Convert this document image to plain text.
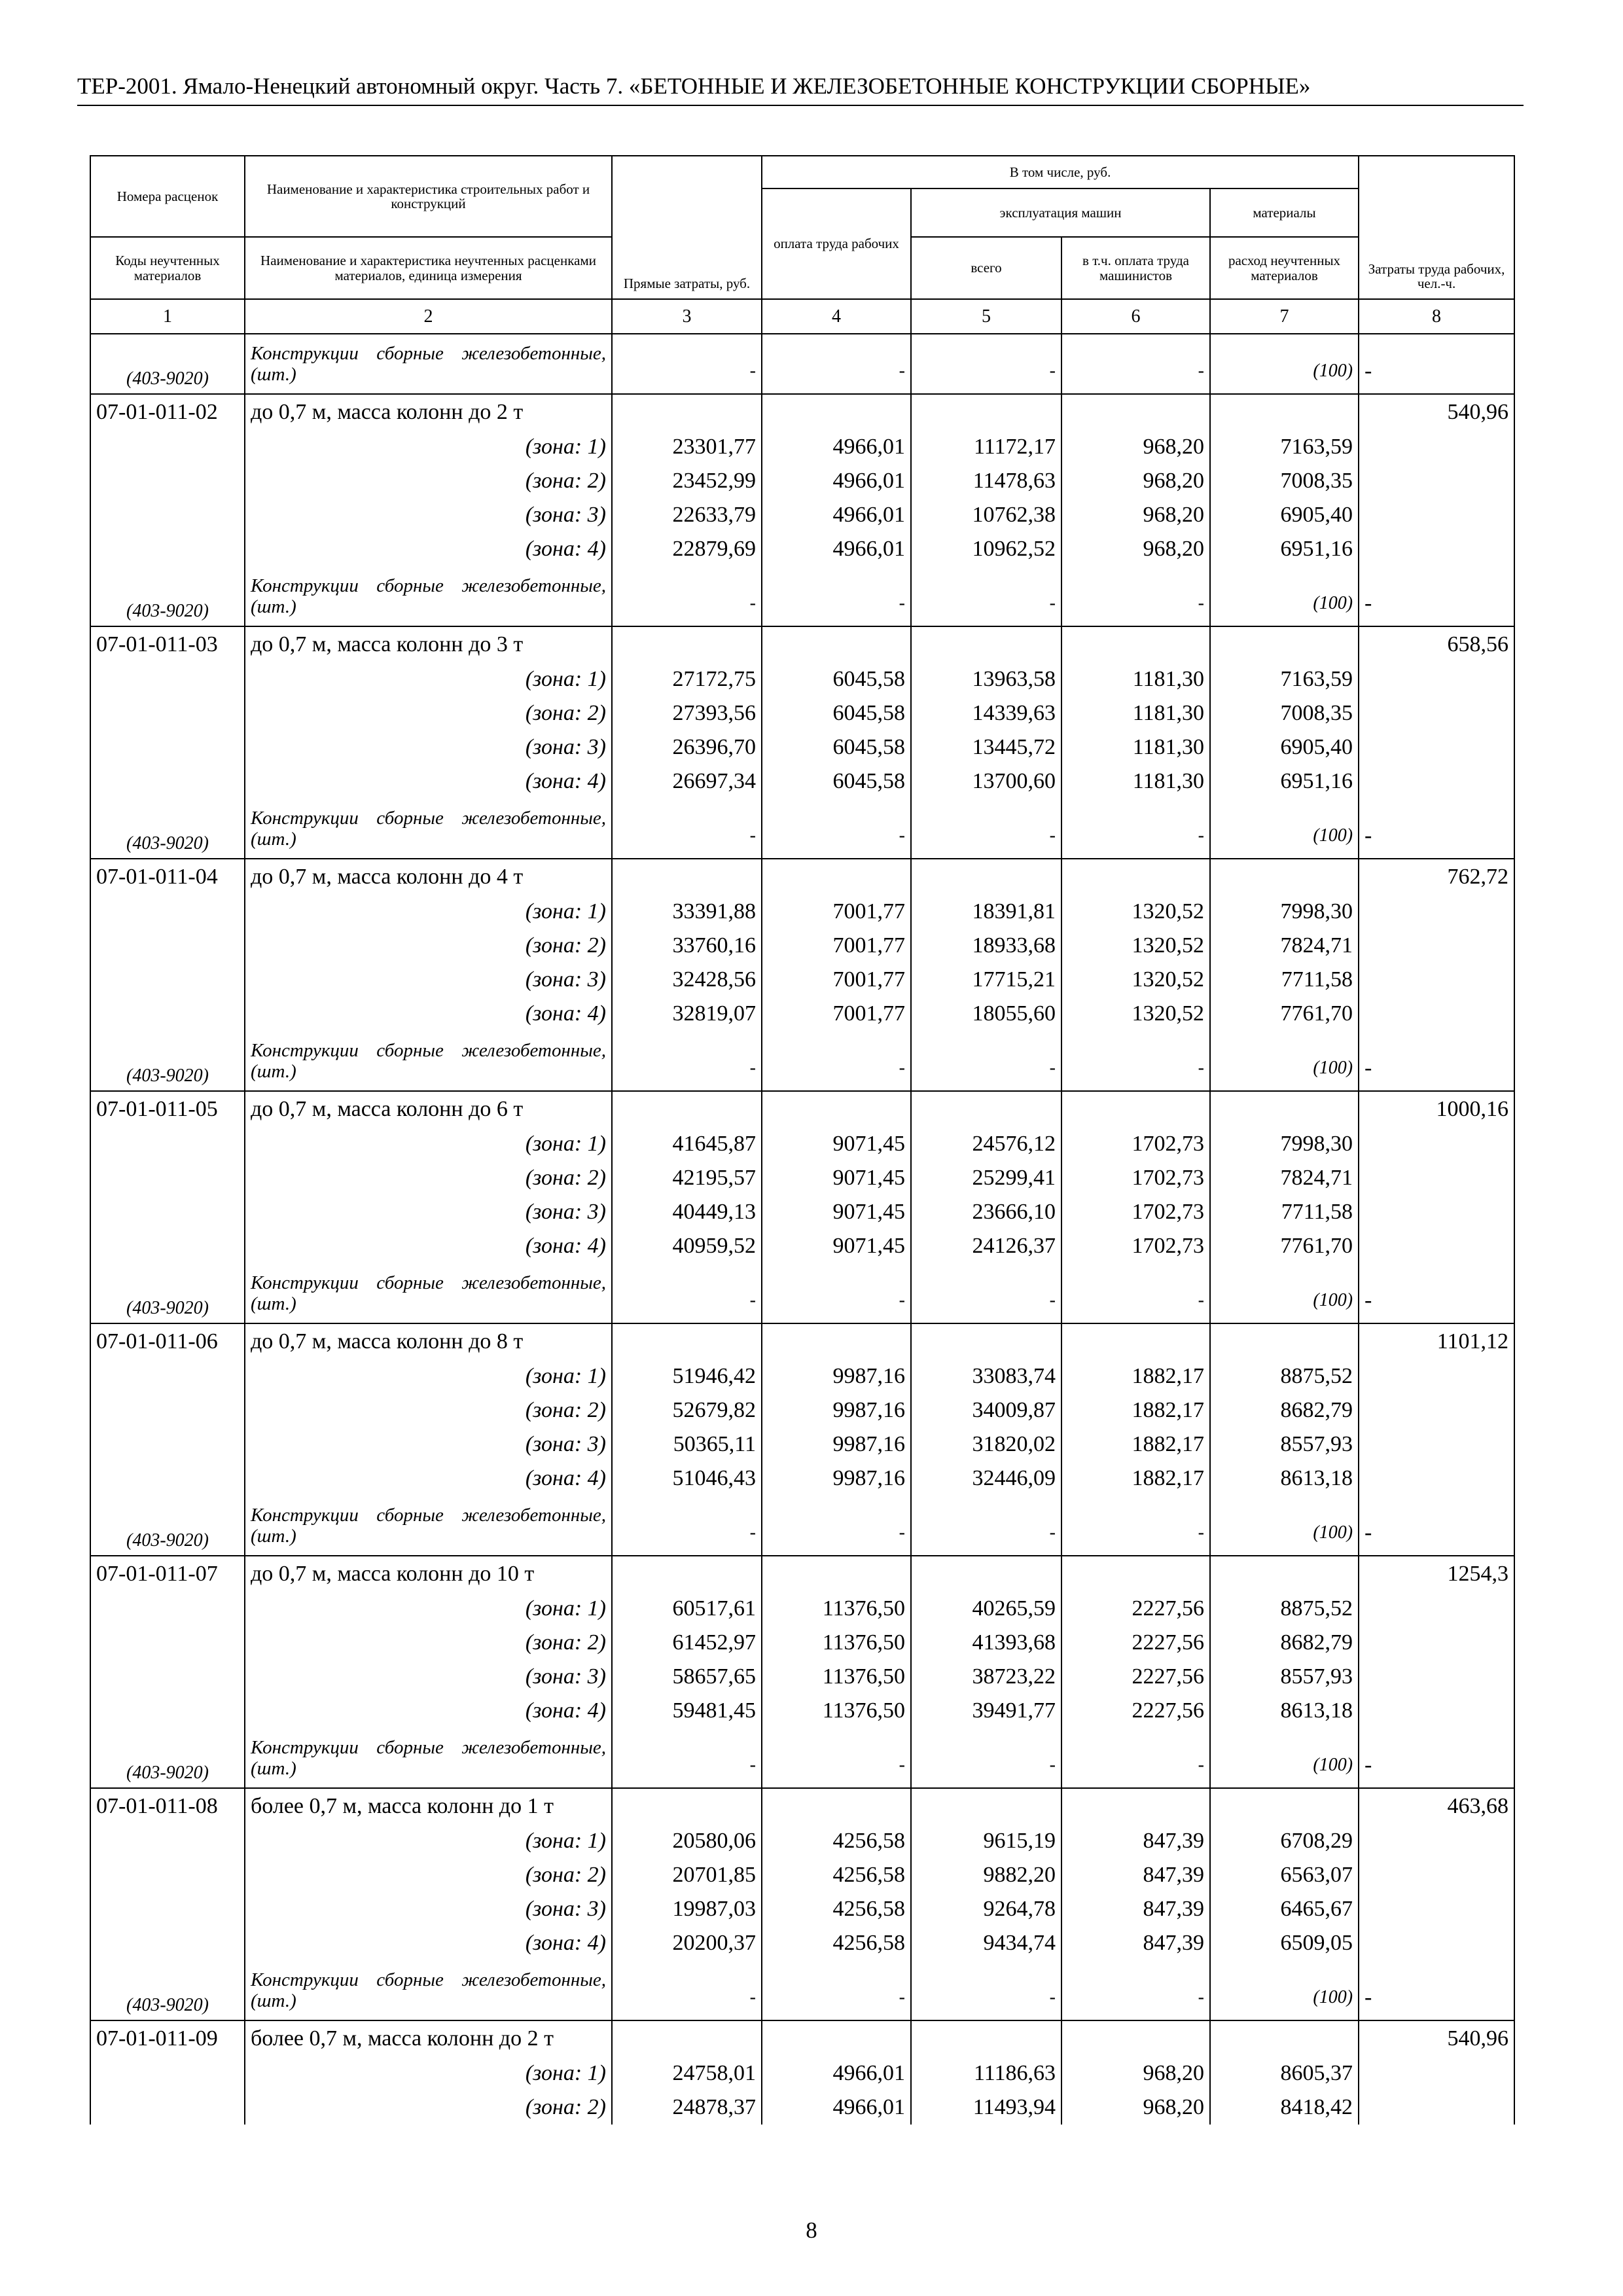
ТЕР-2001. Ямало-Ненецкий автономный округ. Часть 7. «БЕТОННЫЕ И ЖЕЛЕЗОБЕТОННЫЕ КОНСТРУКЦИИ СБОРНЫЕ»
Номера расценок	Наименование и характеристика строительных работ и конструкций	Прямые затраты, руб.	В том числе, руб.				Затраты труда рабочих, чел.-ч.
			оплата труда рабочих	эксплуатация машин		материалы	
Коды неучтенных материалов	Наименование и характеристика неучтенных расценками материалов, единица измерения			всего	в т.ч. оплата труда машинистов	расход неучтенных материалов	
1	2	3	4	5	6	7	8
(403-9020)	Конструкции сборные железобетонные, (шт.)	-	-	-	-	(100)	-
07-01-011-02	до 0,7 м, масса колонн до 2 т						540,96
	(зона: 1)	23301,77	4966,01	11172,17	968,20	7163,59	
	(зона: 2)	23452,99	4966,01	11478,63	968,20	7008,35	
	(зона: 3)	22633,79	4966,01	10762,38	968,20	6905,40	
	(зона: 4)	22879,69	4966,01	10962,52	968,20	6951,16	
(403-9020)	Конструкции сборные железобетонные, (шт.)	-	-	-	-	(100)	-
07-01-011-03	до 0,7 м, масса колонн до 3 т						658,56
	(зона: 1)	27172,75	6045,58	13963,58	1181,30	7163,59	
	(зона: 2)	27393,56	6045,58	14339,63	1181,30	7008,35	
	(зона: 3)	26396,70	6045,58	13445,72	1181,30	6905,40	
	(зона: 4)	26697,34	6045,58	13700,60	1181,30	6951,16	
(403-9020)	Конструкции сборные железобетонные, (шт.)	-	-	-	-	(100)	-
07-01-011-04	до 0,7 м, масса колонн до 4 т						762,72
	(зона: 1)	33391,88	7001,77	18391,81	1320,52	7998,30	
	(зона: 2)	33760,16	7001,77	18933,68	1320,52	7824,71	
	(зона: 3)	32428,56	7001,77	17715,21	1320,52	7711,58	
	(зона: 4)	32819,07	7001,77	18055,60	1320,52	7761,70	
(403-9020)	Конструкции сборные железобетонные, (шт.)	-	-	-	-	(100)	-
07-01-011-05	до 0,7 м, масса колонн до 6 т						1000,16
	(зона: 1)	41645,87	9071,45	24576,12	1702,73	7998,30	
	(зона: 2)	42195,57	9071,45	25299,41	1702,73	7824,71	
	(зона: 3)	40449,13	9071,45	23666,10	1702,73	7711,58	
	(зона: 4)	40959,52	9071,45	24126,37	1702,73	7761,70	
(403-9020)	Конструкции сборные железобетонные, (шт.)	-	-	-	-	(100)	-
07-01-011-06	до 0,7 м, масса колонн до 8 т						1101,12
	(зона: 1)	51946,42	9987,16	33083,74	1882,17	8875,52	
	(зона: 2)	52679,82	9987,16	34009,87	1882,17	8682,79	
	(зона: 3)	50365,11	9987,16	31820,02	1882,17	8557,93	
	(зона: 4)	51046,43	9987,16	32446,09	1882,17	8613,18	
(403-9020)	Конструкции сборные железобетонные, (шт.)	-	-	-	-	(100)	-
07-01-011-07	до 0,7 м, масса колонн до 10 т						1254,3
	(зона: 1)	60517,61	11376,50	40265,59	2227,56	8875,52	
	(зона: 2)	61452,97	11376,50	41393,68	2227,56	8682,79	
	(зона: 3)	58657,65	11376,50	38723,22	2227,56	8557,93	
	(зона: 4)	59481,45	11376,50	39491,77	2227,56	8613,18	
(403-9020)	Конструкции сборные железобетонные, (шт.)	-	-	-	-	(100)	-
07-01-011-08	более 0,7 м, масса колонн до 1 т						463,68
	(зона: 1)	20580,06	4256,58	9615,19	847,39	6708,29	
	(зона: 2)	20701,85	4256,58	9882,20	847,39	6563,07	
	(зона: 3)	19987,03	4256,58	9264,78	847,39	6465,67	
	(зона: 4)	20200,37	4256,58	9434,74	847,39	6509,05	
(403-9020)	Конструкции сборные железобетонные, (шт.)	-	-	-	-	(100)	-
07-01-011-09	более 0,7 м, масса колонн до 2 т						540,96
	(зона: 1)	24758,01	4966,01	11186,63	968,20	8605,37	
	(зона: 2)	24878,37	4966,01	11493,94	968,20	8418,42	
8
